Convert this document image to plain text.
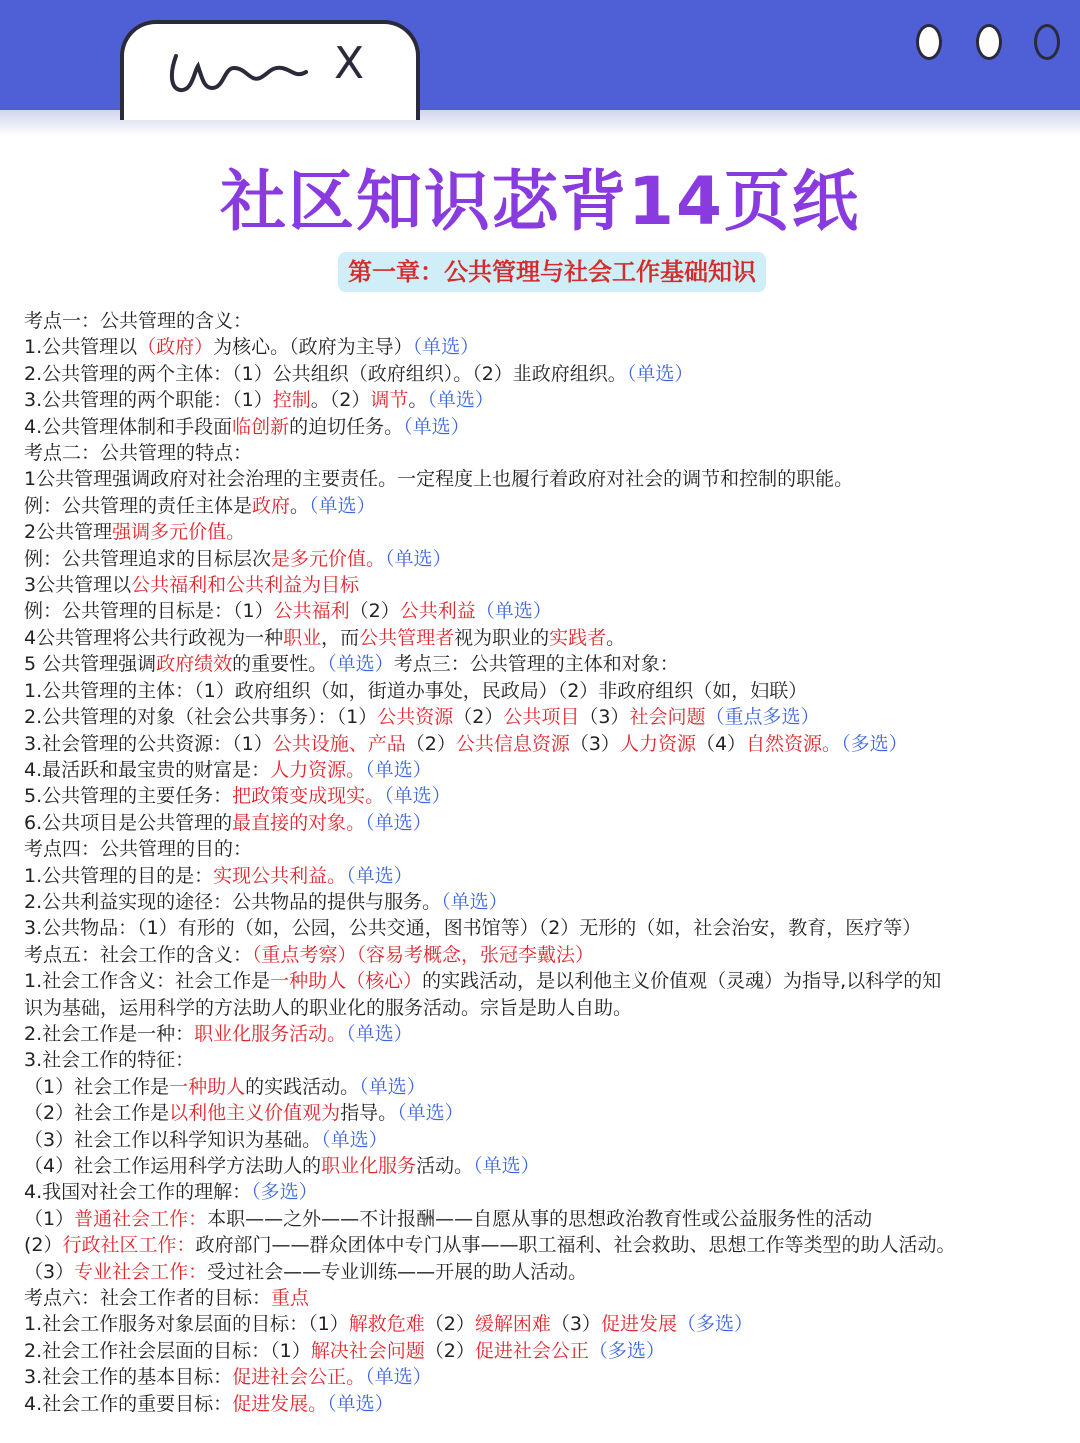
X
社区知识苾背14页纸
第一章：公共管理与社会工作基础知识
考点一：公共管理的含义：
1.公共管理以（政府）为核心。（政府为主导）（单选）
2.公共管理的两个主体：（1）公共组织（政府组织）。（2）韭政府组织。（单选）
3.公共管理的两个职能：（1）控制。（2）调节。（单选）
4.公共管理体制和手段面临创新的迫切任务。（单选）
考点二：公共管理的特点：
1公共管理强调政府对社会治理的主要责任。一定程度上也履行着政府对社会的调节和控制的职能。
例：公共管理的责任主体是政府。（单选）
2公共管理强调多元价值。
例：公共管理追求的目标层次是多元价值。（单选）
3公共管理以公共福利和公共利益为目标
例：公共管理的目标是：（1）公共福利（2）公共利益（单选）
4公共管理将公共行政视为一种职业，而公共管理者视为职业的实践者。
5 公共管理强调政府绩效的重要性。（单选）考点三：公共管理的主体和对象：
1.公共管理的主体：（1）政府组织（如，街道办事处，民政局）（2）非政府组织（如，妇联）
2.公共管理的对象（社会公共事务）：（1）公共资源（2）公共项目（3）社会问题（重点多选）
3.社会管理的公共资源：（1）公共设施、产品（2）公共信息资源（3）人力资源（4）自然资源。（多选）
4.最活跃和最宝贵的财富是：人力资源。（单选）
5.公共管理的主要任务：把政策变成现实。（单选）
6.公共项目是公共管理的最直接的对象。（单选）
考点四：公共管理的目的：
1.公共管理的目的是：实现公共利益。（单选）
2.公共利益实现的途径：公共物品的提供与服务。（单选）
3.公共物品：（1）有形的（如，公园，公共交通，图书馆等）（2）无形的（如，社会治安，教育，医疗等）
考点五：社会工作的含义：（重点考察）（容易考概念，张冠李戴法）
1.社会工作含义：社会工作是一种助人（核心）的实践活动，是以利他主义价值观（灵魂）为指导,以科学的知
识为基础，运用科学的方法助人的职业化的服务活动。宗旨是助人自助。
2.社会工作是一种：职业化服务活动。（单选）
3.社会工作的特征：
（1）社会工作是一种助人的实践活动。（单选）
（2）社会工作是以利他主义价值观为指导。（单选）
（3）社会工作以科学知识为基础。（单选）
（4）社会工作运用科学方法助人的职业化服务活动。（单选）
4.我国对社会工作的理解：（多选）
（1）普通社会工作：本职——之外——不计报酬——自愿从事的思想政治教育性或公益服务性的活动
(2）行政社区工作：政府部门——群众团体中专门从事——职工福利、社会救助、思想工作等类型的助人活动。
（3）专业社会工作：受过社会——专业训练——开展的助人活动。
考点六：社会工作者的目标：重点
1.社会工作服务对象层面的目标：（1）解救危难（2）缓解困难（3）促进发展（多选）
2.社会工作社会层面的目标：（1）解决社会问题（2）促进社会公正（多选）
3.社会工作的基本目标：促进社会公正。（单选）
4.社会工作的重要目标：促进发展。（单选）
